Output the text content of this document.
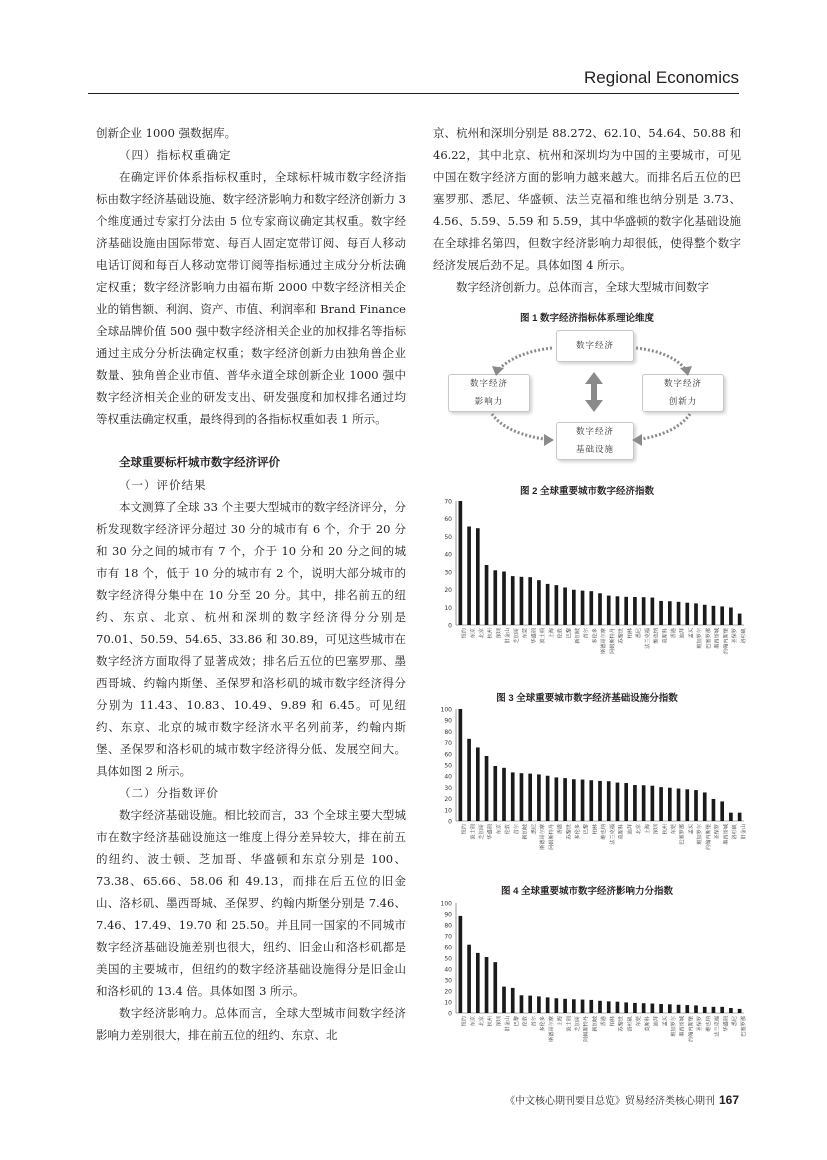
Regional Economics

创新企业 1000 强数据库。

（四）指标权重确定

在确定评价体系指标权重时，全球标杆城市数字经济指标由数字经济基础设施、数字经济影响力和数字经济创新力 3 个维度通过专家打分法由 5 位专家商议确定其权重。数字经济基础设施由国际带宽、每百人固定宽带订阅、每百人移动电话订阅和每百人移动宽带订阅等指标通过主成分分析法确定权重；数字经济影响力由福布斯 2000 中数字经济相关企业的销售额、利润、资产、市值、利润率和 Brand Finance 全球品牌价值 500 强中数字经济相关企业的加权排名等指标通过主成分分析法确定权重；数字经济创新力由独角兽企业数量、独角兽企业市值、普华永道全球创新企业 1000 强中数字经济相关企业的研发支出、研发强度和加权排名通过均等权重法确定权重，最终得到的各指标权重如表 1 所示。

全球重要标杆城市数字经济评价

（一）评价结果

本文测算了全球 33 个主要大型城市的数字经济评分，分析发现数字经济评分超过 30 分的城市有 6 个，介于 20 分和 30 分之间的城市有 7 个，介于 10 分和 20 分之间的城市有 18 个，低于 10 分的城市有 2 个，说明大部分城市的数字经济得分集中在 10 分至 20 分。其中，排名前五的纽约、东京、北京、杭州和深圳的数字经济得分分别是 70.01、50.59、54.65、33.86 和 30.89，可见这些城市在数字经济方面取得了显著成效；排名后五位的巴塞罗那、墨西哥城、约翰内斯堡、圣保罗和洛杉矶的城市数字经济得分分别为 11.43、10.83、10.49、9.89 和 6.45。可见纽约、东京、北京的城市数字经济水平名列前茅，约翰内斯堡、圣保罗和洛杉矶的城市数字经济得分低、发展空间大。具体如图 2 所示。

（二）分指数评价

数字经济基础设施。相比较而言，33 个全球主要大型城市在数字经济基础设施这一维度上得分差异较大，排在前五的纽约、波士顿、芝加哥、华盛顿和东京分别是 100、73.38、65.66、58.06 和 49.13，而排在后五位的旧金山、洛杉矶、墨西哥城、圣保罗、约翰内斯堡分别是 7.46、7.46、17.49、19.70 和 25.50。并且同一国家的不同城市数字经济基础设施差别也很大，纽约、旧金山和洛杉矶都是美国的主要城市，但纽约的数字经济基础设施得分是旧金山和洛杉矶的 13.4 倍。具体如图 3 所示。

数字经济影响力。总体而言，全球大型城市间数字经济影响力差别很大，排在前五位的纽约、东京、北

京、杭州和深圳分别是 88.272、62.10、54.64、50.88 和 46.22，其中北京、杭州和深圳均为中国的主要城市，可见中国在数字经济方面的影响力越来越大。而排名后五位的巴塞罗那、悉尼、华盛顿、法兰克福和维也纳分别是 3.73、4.56、5.59、5.59 和 5.59，其中华盛顿的数字化基础设施在全球排名第四，但数字经济影响力却很低，使得整个数字经济发展后劲不足。具体如图 4 所示。

数字经济创新力。总体而言，全球大型城市间数字

图 1 数字经济指标体系理论维度
数字经济
数字经济
影响力
数字经济
创新力
数字经济
基础设施
图 2 全球重要城市数字经济指数
0
10
20
30
40
50
60
70
纽约 东京 北京 杭州 深圳 旧金山 芝加哥 东莞 华盛顿 波士顿 上海 伦敦 巴黎 新加坡 首尔 多伦多 斯德哥尔摩 阿姆斯特丹 苏黎世 柏林 悉尼 法兰克福 维也纳 莫斯科 香港 迪拜 孟买 班加罗尔 巴塞罗那 墨西哥城 约翰内斯堡 圣保罗 洛杉矶
图 3 全球重要城市数字经济基础设施分指数
0
10
20
30
40
50
60
70
80
90
100
纽约 波士顿 芝加哥 华盛顿 东京 伦敦 首尔 新加坡 悉尼 斯德哥尔摩 阿姆斯特丹 香港 苏黎世 多伦多 巴黎 柏林 维也纳 法兰克福 莫斯科 迪拜 北京 上海 深圳 杭州 东莞 巴塞罗那 孟买 班加罗尔 约翰内斯堡 圣保罗 墨西哥城 洛杉矶 旧金山
图 4 全球重要城市数字经济影响力分指数
0
10
20
30
40
50
60
70
80
90
100
纽约 东京 北京 杭州 深圳 旧金山 巴黎 伦敦 首尔 多伦多 斯德哥尔摩 上海 波士顿 芝加哥 阿姆斯特丹 新加坡 香港 柏林 苏黎世 洛杉矶 东莞 莫斯科 迪拜 孟买 班加罗尔 墨西哥城 约翰内斯堡 圣保罗 维也纳 法兰克福 华盛顿 悉尼 巴塞罗那
《中文核心期刊要目总览》贸易经济类核心期刊 167
